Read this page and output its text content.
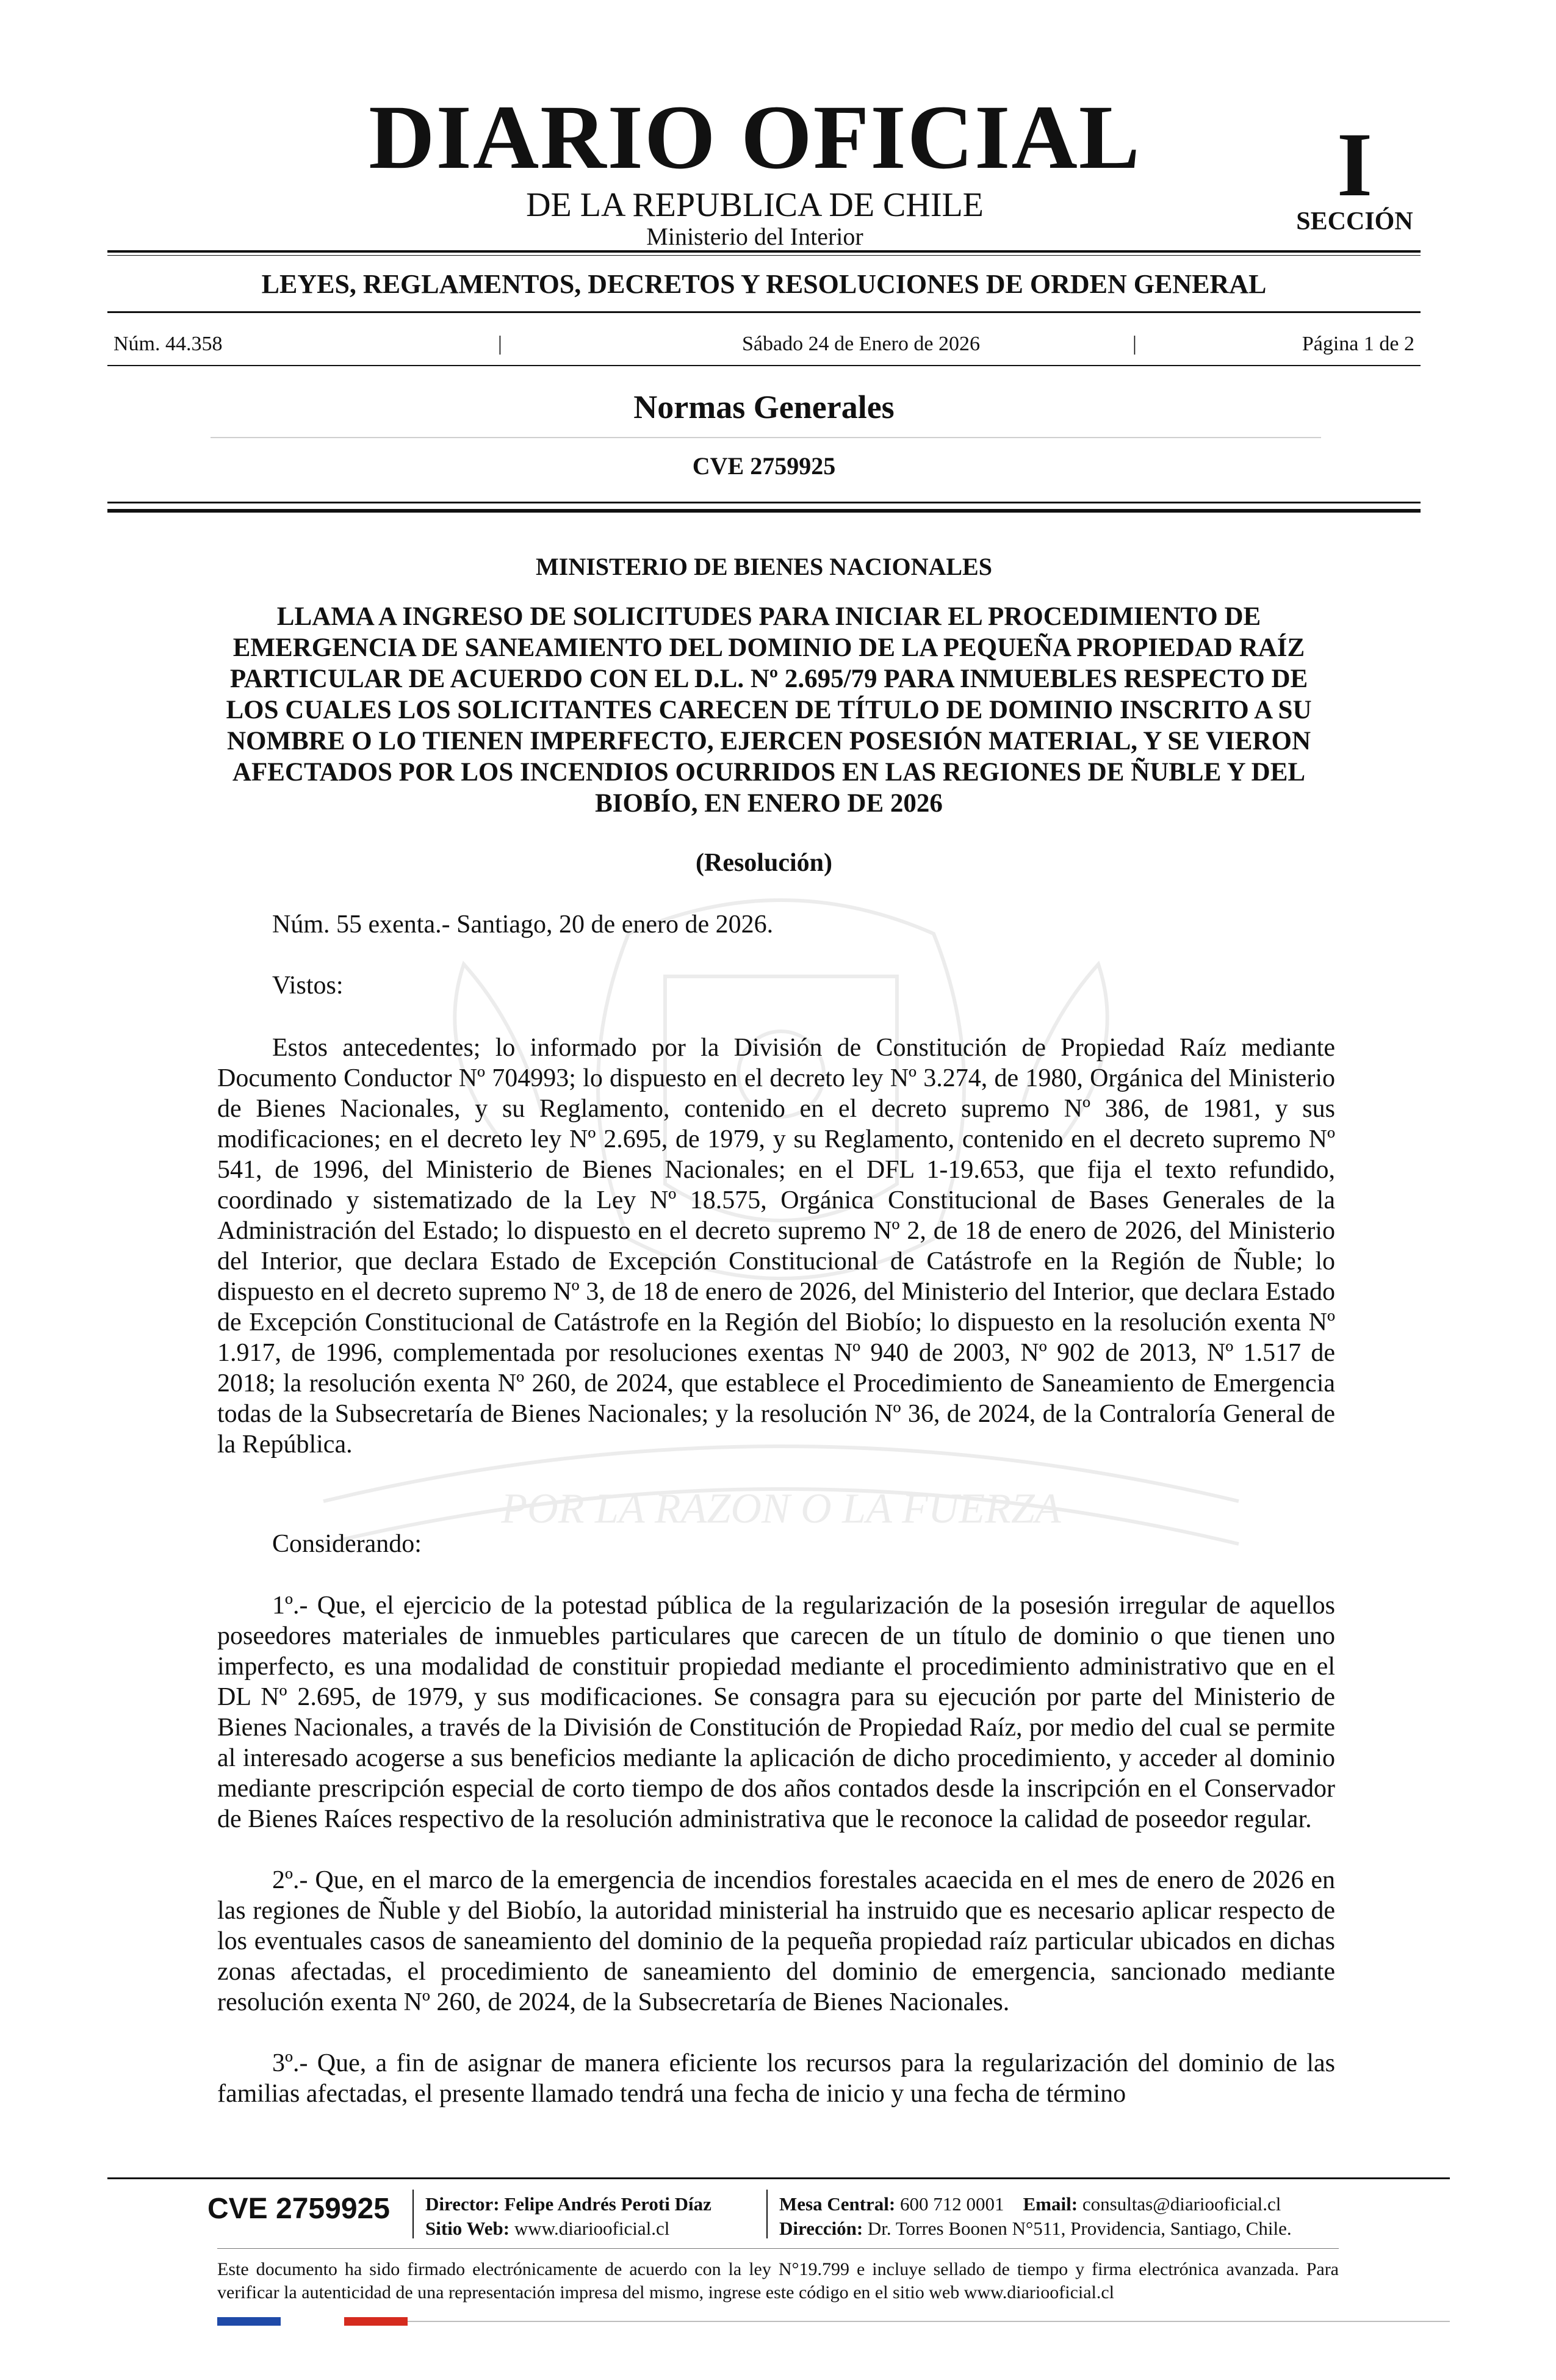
POR LA RAZON O LA FUERZA
DIARIO OFICIAL
DE LA REPUBLICA DE CHILE
Ministerio del Interior
I
SECCIÓN
LEYES, REGLAMENTOS, DECRETOS Y RESOLUCIONES DE ORDEN GENERAL
Núm. 44.358	|	Sábado 24 de Enero de 2026	|	Página 1 de 2
Normas Generales
CVE 2759925
MINISTERIO DE BIENES NACIONALES
LLAMA A INGRESO DE SOLICITUDES PARA INICIAR EL PROCEDIMIENTO DE EMERGENCIA DE SANEAMIENTO DEL DOMINIO DE LA PEQUEÑA PROPIEDAD RAÍZ PARTICULAR DE ACUERDO CON EL D.L. Nº 2.695/79 PARA INMUEBLES RESPECTO DE LOS CUALES LOS SOLICITANTES CARECEN DE TÍTULO DE DOMINIO INSCRITO A SU NOMBRE O LO TIENEN IMPERFECTO, EJERCEN POSESIÓN MATERIAL, Y SE VIERON AFECTADOS POR LOS INCENDIOS OCURRIDOS EN LAS REGIONES DE ÑUBLE Y DEL BIOBÍO, EN ENERO DE 2026
(Resolución)

Núm. 55 exenta.- Santiago, 20 de enero de 2026.

Vistos:

Estos antecedentes; lo informado por la División de Constitución de Propiedad Raíz mediante Documento Conductor Nº 704993; lo dispuesto en el decreto ley Nº 3.274, de 1980, Orgánica del Ministerio de Bienes Nacionales, y su Reglamento, contenido en el decreto supremo Nº 386, de 1981, y sus modificaciones; en el decreto ley Nº 2.695, de 1979, y su Reglamento, contenido en el decreto supremo Nº 541, de 1996, del Ministerio de Bienes Nacionales; en el DFL 1-19.653, que fija el texto refundido, coordinado y sistematizado de la Ley Nº 18.575, Orgánica Constitucional de Bases Generales de la Administración del Estado; lo dispuesto en el decreto supremo Nº 2, de 18 de enero de 2026, del Ministerio del Interior, que declara Estado de Excepción Constitucional de Catástrofe en la Región de Ñuble; lo dispuesto en el decreto supremo Nº 3, de 18 de enero de 2026, del Ministerio del Interior, que declara Estado de Excepción Constitucional de Catástrofe en la Región del Biobío; lo dispuesto en la resolución exenta Nº 1.917, de 1996, complementada por resoluciones exentas Nº 940 de 2003, Nº 902 de 2013, Nº 1.517 de 2018; la resolución exenta Nº 260, de 2024, que establece el Procedimiento de Saneamiento de Emergencia todas de la Subsecretaría de Bienes Nacionales; y la resolución Nº 36, de 2024, de la Contraloría General de la República.

Considerando:

1º.- Que, el ejercicio de la potestad pública de la regularización de la posesión irregular de aquellos poseedores materiales de inmuebles particulares que carecen de un título de dominio o que tienen uno imperfecto, es una modalidad de constituir propiedad mediante el procedimiento administrativo que en el DL Nº 2.695, de 1979, y sus modificaciones. Se consagra para su ejecución por parte del Ministerio de Bienes Nacionales, a través de la División de Constitución de Propiedad Raíz, por medio del cual se permite al interesado acogerse a sus beneficios mediante la aplicación de dicho procedimiento, y acceder al dominio mediante prescripción especial de corto tiempo de dos años contados desde la inscripción en el Conservador de Bienes Raíces respectivo de la resolución administrativa que le reconoce la calidad de poseedor regular.

2º.- Que, en el marco de la emergencia de incendios forestales acaecida en el mes de enero de 2026 en las regiones de Ñuble y del Biobío, la autoridad ministerial ha instruido que es necesario aplicar respecto de los eventuales casos de saneamiento del dominio de la pequeña propiedad raíz particular ubicados en dichas zonas afectadas, el procedimiento de saneamiento del dominio de emergencia, sancionado mediante resolución exenta Nº 260, de 2024, de la Subsecretaría de Bienes Nacionales.

3º.- Que, a fin de asignar de manera eficiente los recursos para la regularización del dominio de las familias afectadas, el presente llamado tendrá una fecha de inicio y una fecha de término

CVE 2759925 Director: Felipe Andrés Peroti Díaz
Sitio Web: www.diariooficial.cl
Mesa Central: 600 712 0001 Email: consultas@diariooficial.cl
Dirección: Dr. Torres Boonen N°511, Providencia, Santiago, Chile.
Este documento ha sido firmado electrónicamente de acuerdo con la ley N°19.799 e incluye sellado de tiempo y firma electrónica avanzada. Para verificar la autenticidad de una representación impresa del mismo, ingrese este código en el sitio web www.diariooficial.cl
